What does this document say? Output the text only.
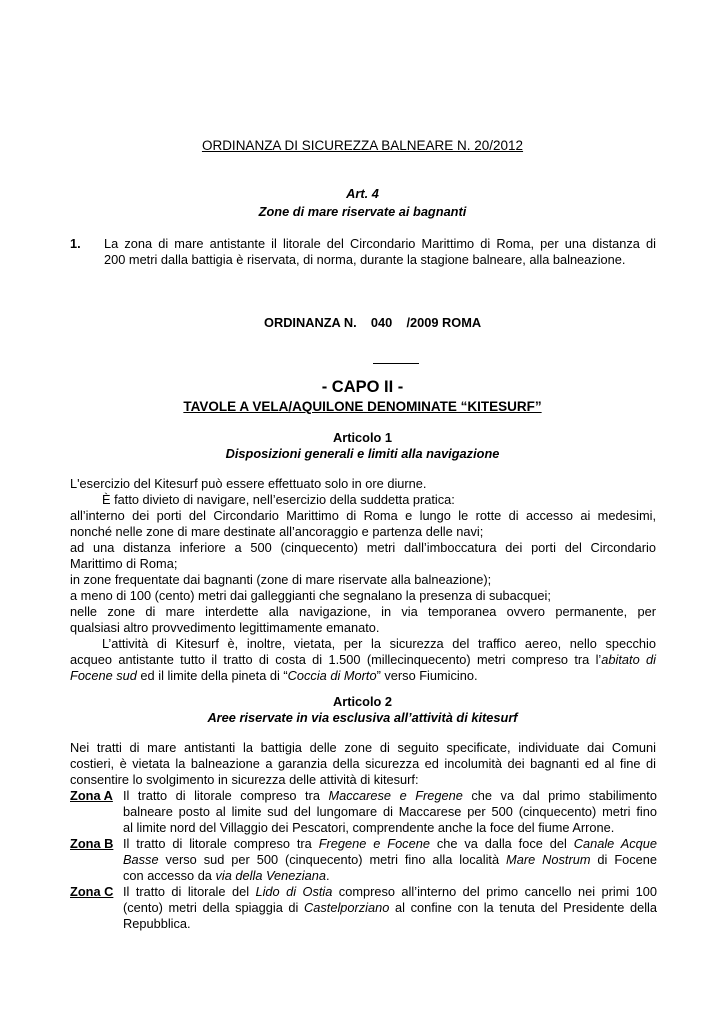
ORDINANZA DI SICUREZZA BALNEARE N. 20/2012
Art. 4
Zone di mare riservate ai bagnanti
1. La zona di mare antistante il litorale del Circondario Marittimo di Roma, per una distanza di
200 metri dalla battigia è riservata, di norma, durante la stagione balneare, alla balneazione.
ORDINANZA N.    040    /2009 ROMA
- CAPO II -
TAVOLE A VELA/AQUILONE DENOMINATE “KITESURF”
Articolo 1
Disposizioni generali e limiti alla navigazione
L'esercizio del Kitesurf può essere effettuato solo in ore diurne.
È fatto divieto di navigare, nell’esercizio della suddetta pratica:
all’interno dei porti del Circondario Marittimo di Roma e lungo le rotte di accesso ai medesimi,
nonché nelle zone di mare destinate all’ancoraggio e partenza delle navi;
ad una distanza inferiore a 500 (cinquecento) metri dall’imboccatura dei porti del Circondario
Marittimo di Roma;
in zone frequentate dai bagnanti (zone di mare riservate alla balneazione);
a meno di 100 (cento) metri dai galleggianti che segnalano la presenza di subacquei;
nelle zone di mare interdette alla navigazione, in via temporanea ovvero permanente, per
qualsiasi altro provvedimento legittimamente emanato.
L’attività di Kitesurf è, inoltre, vietata, per la sicurezza del traffico aereo, nello specchio
acqueo antistante tutto il tratto di costa di 1.500 (millecinquecento) metri compreso tra l’abitato di
Focene sud ed il limite della pineta di “Coccia di Morto” verso Fiumicino.
Articolo 2
Aree riservate in via esclusiva all’attività di kitesurf
Nei tratti di mare antistanti la battigia delle zone di seguito specificate, individuate dai Comuni
costieri, è vietata la balneazione a garanzia della sicurezza ed incolumità dei bagnanti ed al fine di
consentire lo svolgimento in sicurezza delle attività di kitesurf:
Zona A Il tratto di litorale compreso tra Maccarese e Fregene che va dal primo stabilimento
balneare posto al limite sud del lungomare di Maccarese per 500 (cinquecento) metri fino
al limite nord del Villaggio dei Pescatori, comprendente anche la foce del fiume Arrone.
Zona B Il tratto di litorale compreso tra Fregene e Focene che va dalla foce del Canale Acque
Basse verso sud per 500 (cinquecento) metri fino alla località Mare Nostrum di Focene
con accesso da via della Veneziana.
Zona C Il tratto di litorale del Lido di Ostia compreso all’interno del primo cancello nei primi 100
(cento) metri della spiaggia di Castelporziano al confine con la tenuta del Presidente della
Repubblica.
